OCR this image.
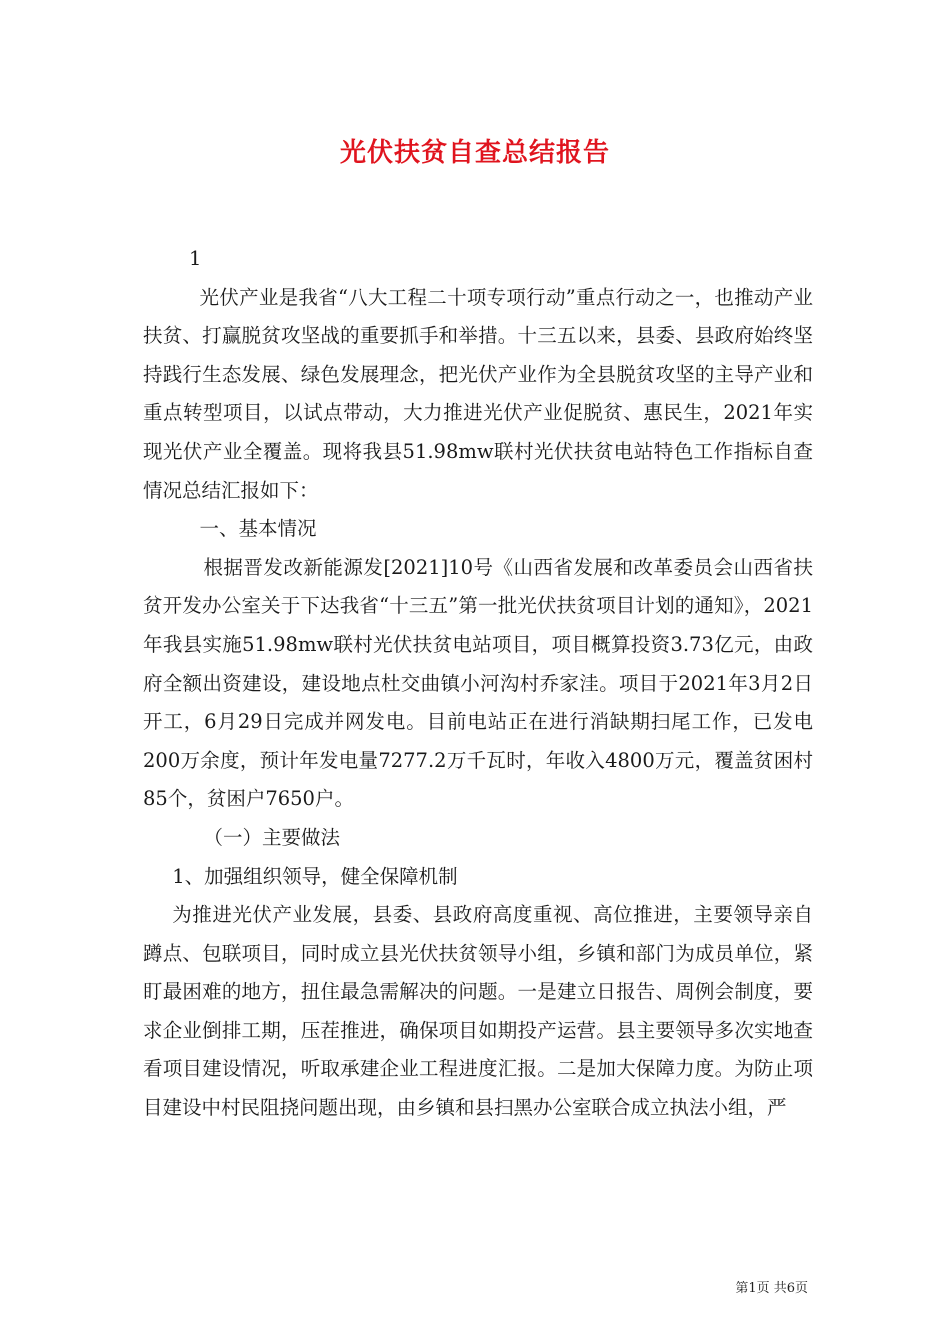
光伏扶贫自查总结报告

1

光伏产业是我省“八大工程二十项专项行动”重点行动之一，也推动产业扶贫、打赢脱贫攻坚战的重要抓手和举措。十三五以来，县委、县政府始终坚持践行生态发展、绿色发展理念，把光伏产业作为全县脱贫攻坚的主导产业和重点转型项目，以试点带动，大力推进光伏产业促脱贫、惠民生，2021年实现光伏产业全覆盖。现将我县51.98mw联村光伏扶贫电站特色工作指标自查情况总结汇报如下：

一、基本情况

根据晋发改新能源发[2021]10号《山西省发展和改革委员会山西省扶贫开发办公室关于下达我省“十三五”第一批光伏扶贫项目计划的通知》，2021年我县实施51.98mw联村光伏扶贫电站项目，项目概算投资3.73亿元，由政府全额出资建设，建设地点杜交曲镇小河沟村乔家洼。项目于2021年3月2日开工，6月29日完成并网发电。目前电站正在进行消缺期扫尾工作，已发电200万余度，预计年发电量7277.2万千瓦时，年收入4800万元，覆盖贫困村85个，贫困户7650户。

（一）主要做法

1、加强组织领导，健全保障机制

为推进光伏产业发展，县委、县政府高度重视、高位推进，主要领导亲自蹲点、包联项目，同时成立县光伏扶贫领导小组，乡镇和部门为成员单位，紧盯最困难的地方，扭住最急需解决的问题。一是建立日报告、周例会制度，要求企业倒排工期，压茬推进，确保项目如期投产运营。县主要领导多次实地查看项目建设情况，听取承建企业工程进度汇报。二是加大保障力度。为防止项目建设中村民阻挠问题出现，由乡镇和县扫黑办公室联合成立执法小组，严

第1页 共6页
